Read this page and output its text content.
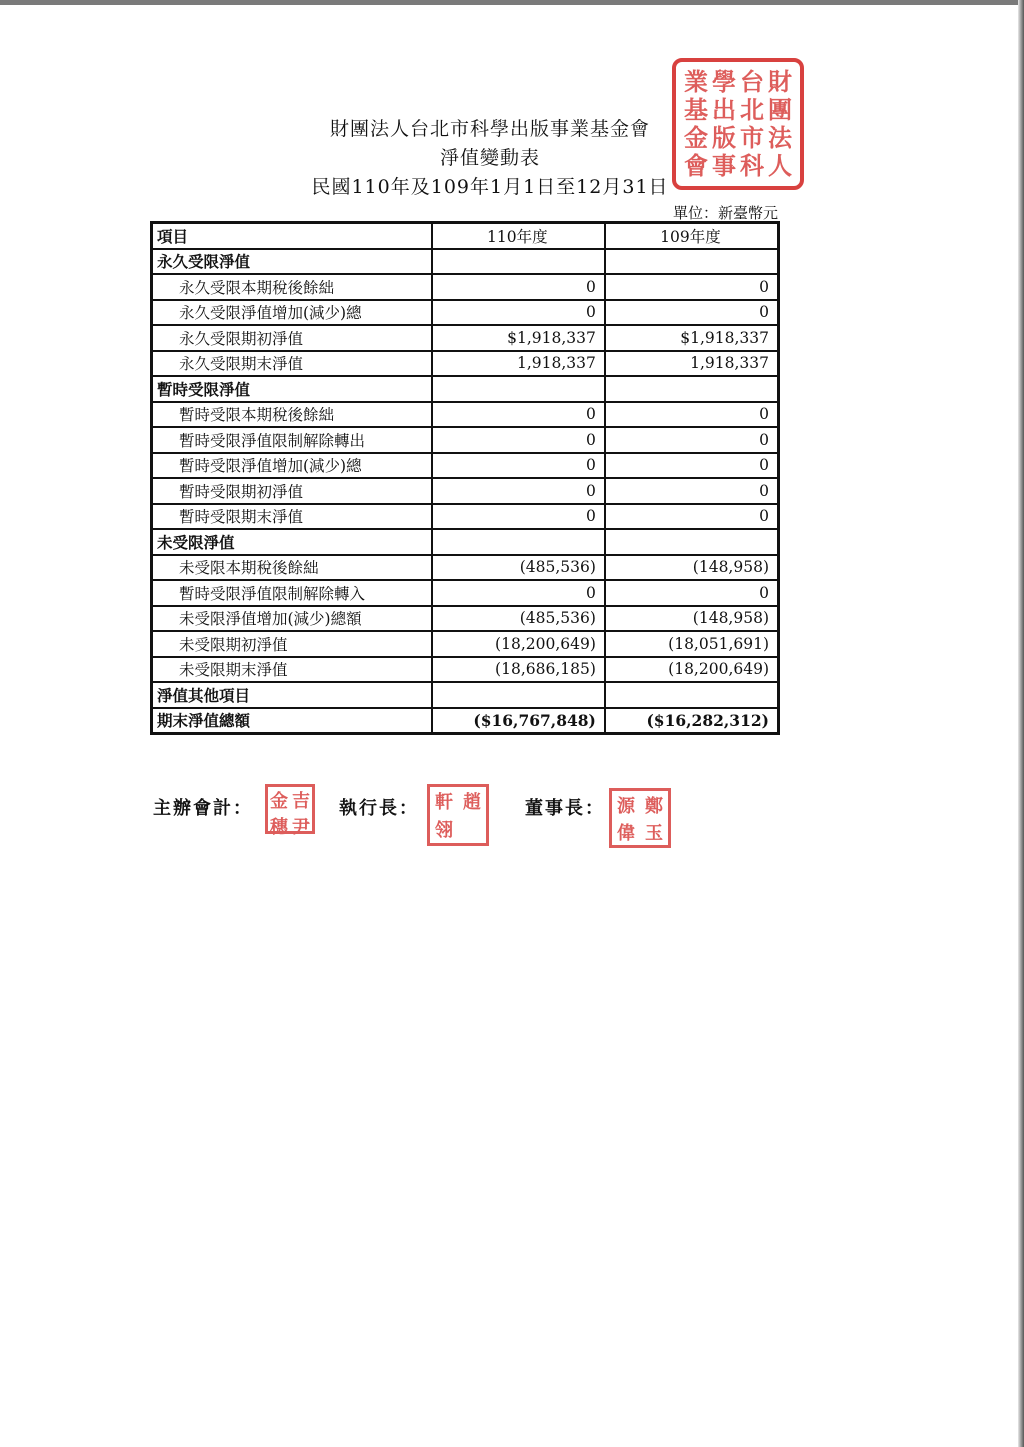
財團法人台北市科學出版事業基金會
淨值變動表
民國110年及109年1月1日至12月31日
業 學 台 財
基 出 北 團
金 版 市 法
會 事 科 人
單位：新臺幣元
項目	110年度	109年度
永久受限淨值		
永久受限本期稅後餘絀	0	0
永久受限淨值增加(減少)總	0	0
永久受限期初淨值	$1,918,337	$1,918,337
永久受限期末淨值	1,918,337	1,918,337
暫時受限淨值		
暫時受限本期稅後餘絀	0	0
暫時受限淨值限制解除轉出	0	0
暫時受限淨值增加(減少)總	0	0
暫時受限期初淨值	0	0
暫時受限期末淨值	0	0
未受限淨值		
未受限本期稅後餘絀	(485,536)	(148,958)
暫時受限淨值限制解除轉入	0	0
未受限淨值增加(減少)總額	(485,536)	(148,958)
未受限期初淨值	(18,200,649)	(18,051,691)
未受限期末淨值	(18,686,185)	(18,200,649)
淨值其他項目		
期末淨值總額	($16,767,848)	($16,282,312)
主辦會計： 金 吉
穗 尹
執行長： 軒 趙
翎
董事長： 源 鄭
偉 玉
